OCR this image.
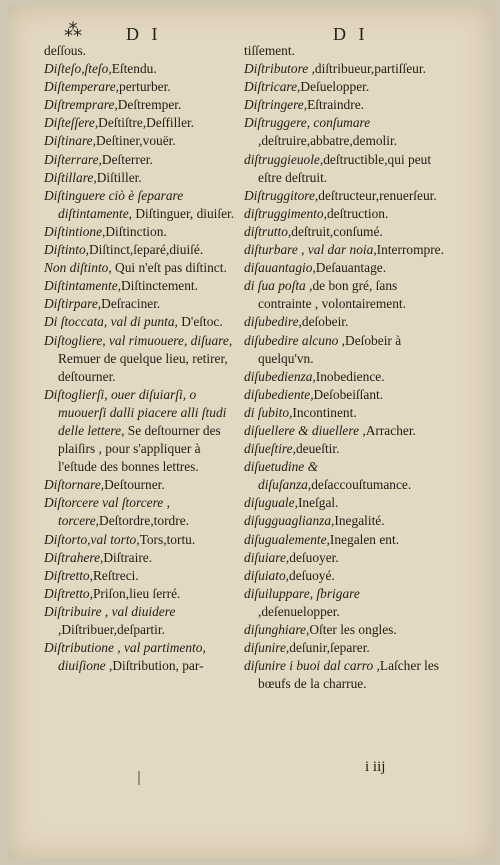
⁂ D I	D I

deſſous.

Diſteſo,ſteſo,Eſtendu.

Diſtemperare,perturber.

Diſtremprare,Deſtremper.

Diſteſſere,Deſtiſtre,Deſfiller.

Diſtinare,Deſtiner,vouër.

Diſterrare,Deſterrer.

Diſtillare,Diſtiller.

Diſtinguere ciò è ſeparare diſtintamente, Diſtinguer, diuiſer.

Diſtintione,Diſtinction.

Diſtinto,Diſtinct,ſeparé,diuiſé.

Non diſtinto, Qui n'eſt pas diſtinct.

Diſtintamente,Diſtinctement.

Diſtirpare,Deſraciner.

Di ſtoccata, val di punta, D'eſtoc.

Diſtogliere, val rimuouere, diſuare, Remuer de quelque lieu, retirer, deſtourner.

Diſtoglierſi, ouer diſuiarſi, o muouerſi dalli piacere alli ſtudi delle lettere, Se deſtourner des plaiſirs , pour s'appliquer à l'eſtude des bonnes lettres.

Diſtornare,Deſtourner.

Diſtorcere val ſtorcere , torcere,Deſtordre,tordre.

Diſtorto,val torto,Tors,tortu.

Diſtrahere,Diſtraire.

Diſtretto,Reſtreci.

Diſtretto,Priſon,lieu ſerré.

Diſtribuire , val diuidere ,Diſtribuer,deſpartir.

Diſtributione , val partimento, diuiſione ,Diſtribution, par-

tiſſement.

Diſtributore ,diſtribueur,partiſſeur.

Diſtricare,Deſuelopper.

Diſtringere,Eſtraindre.

Diſtruggere, conſumare ,deſtruire,abbatre,demolir.

diſtruggieuole,deſtructible,qui peut eſtre deſtruit.

Diſtruggitore,deſtructeur,renuerſeur.

diſtruggimento,deſtruction.

diſtrutto,deſtruit,conſumé.

diſturbare , val dar noia,Interrompre.

diſauantagio,Deſauantage.

di ſua poſta ,de bon gré, ſans contrainte , volontairement.

diſubedire,deſobeir.

diſubedire alcuno ,Deſobeir à quelqu'vn.

diſubedienza,Inobedience.

diſubediente,Deſobeiſſant.

di ſubito,Incontinent.

diſuellere & diuellere ,Arracher.

diſueſtire,deueſtir.

diſuetudine & diſuſanza,deſaccouſtumance.

diſuguale,Ineſgal.

diſugguaglianza,Inegalité.

diſugualemente,Inegalen ent.

diſuiare,deſuoyer.

diſuiato,deſuoyé.

diſuiluppare, ſbrigare ,deſenuelopper.

diſunghiare,Oſter les ongles.

diſunire,deſunir,ſeparer.

diſunire i buoi dal carro ,Laſcher les bœufs de la charrue.

i iij
